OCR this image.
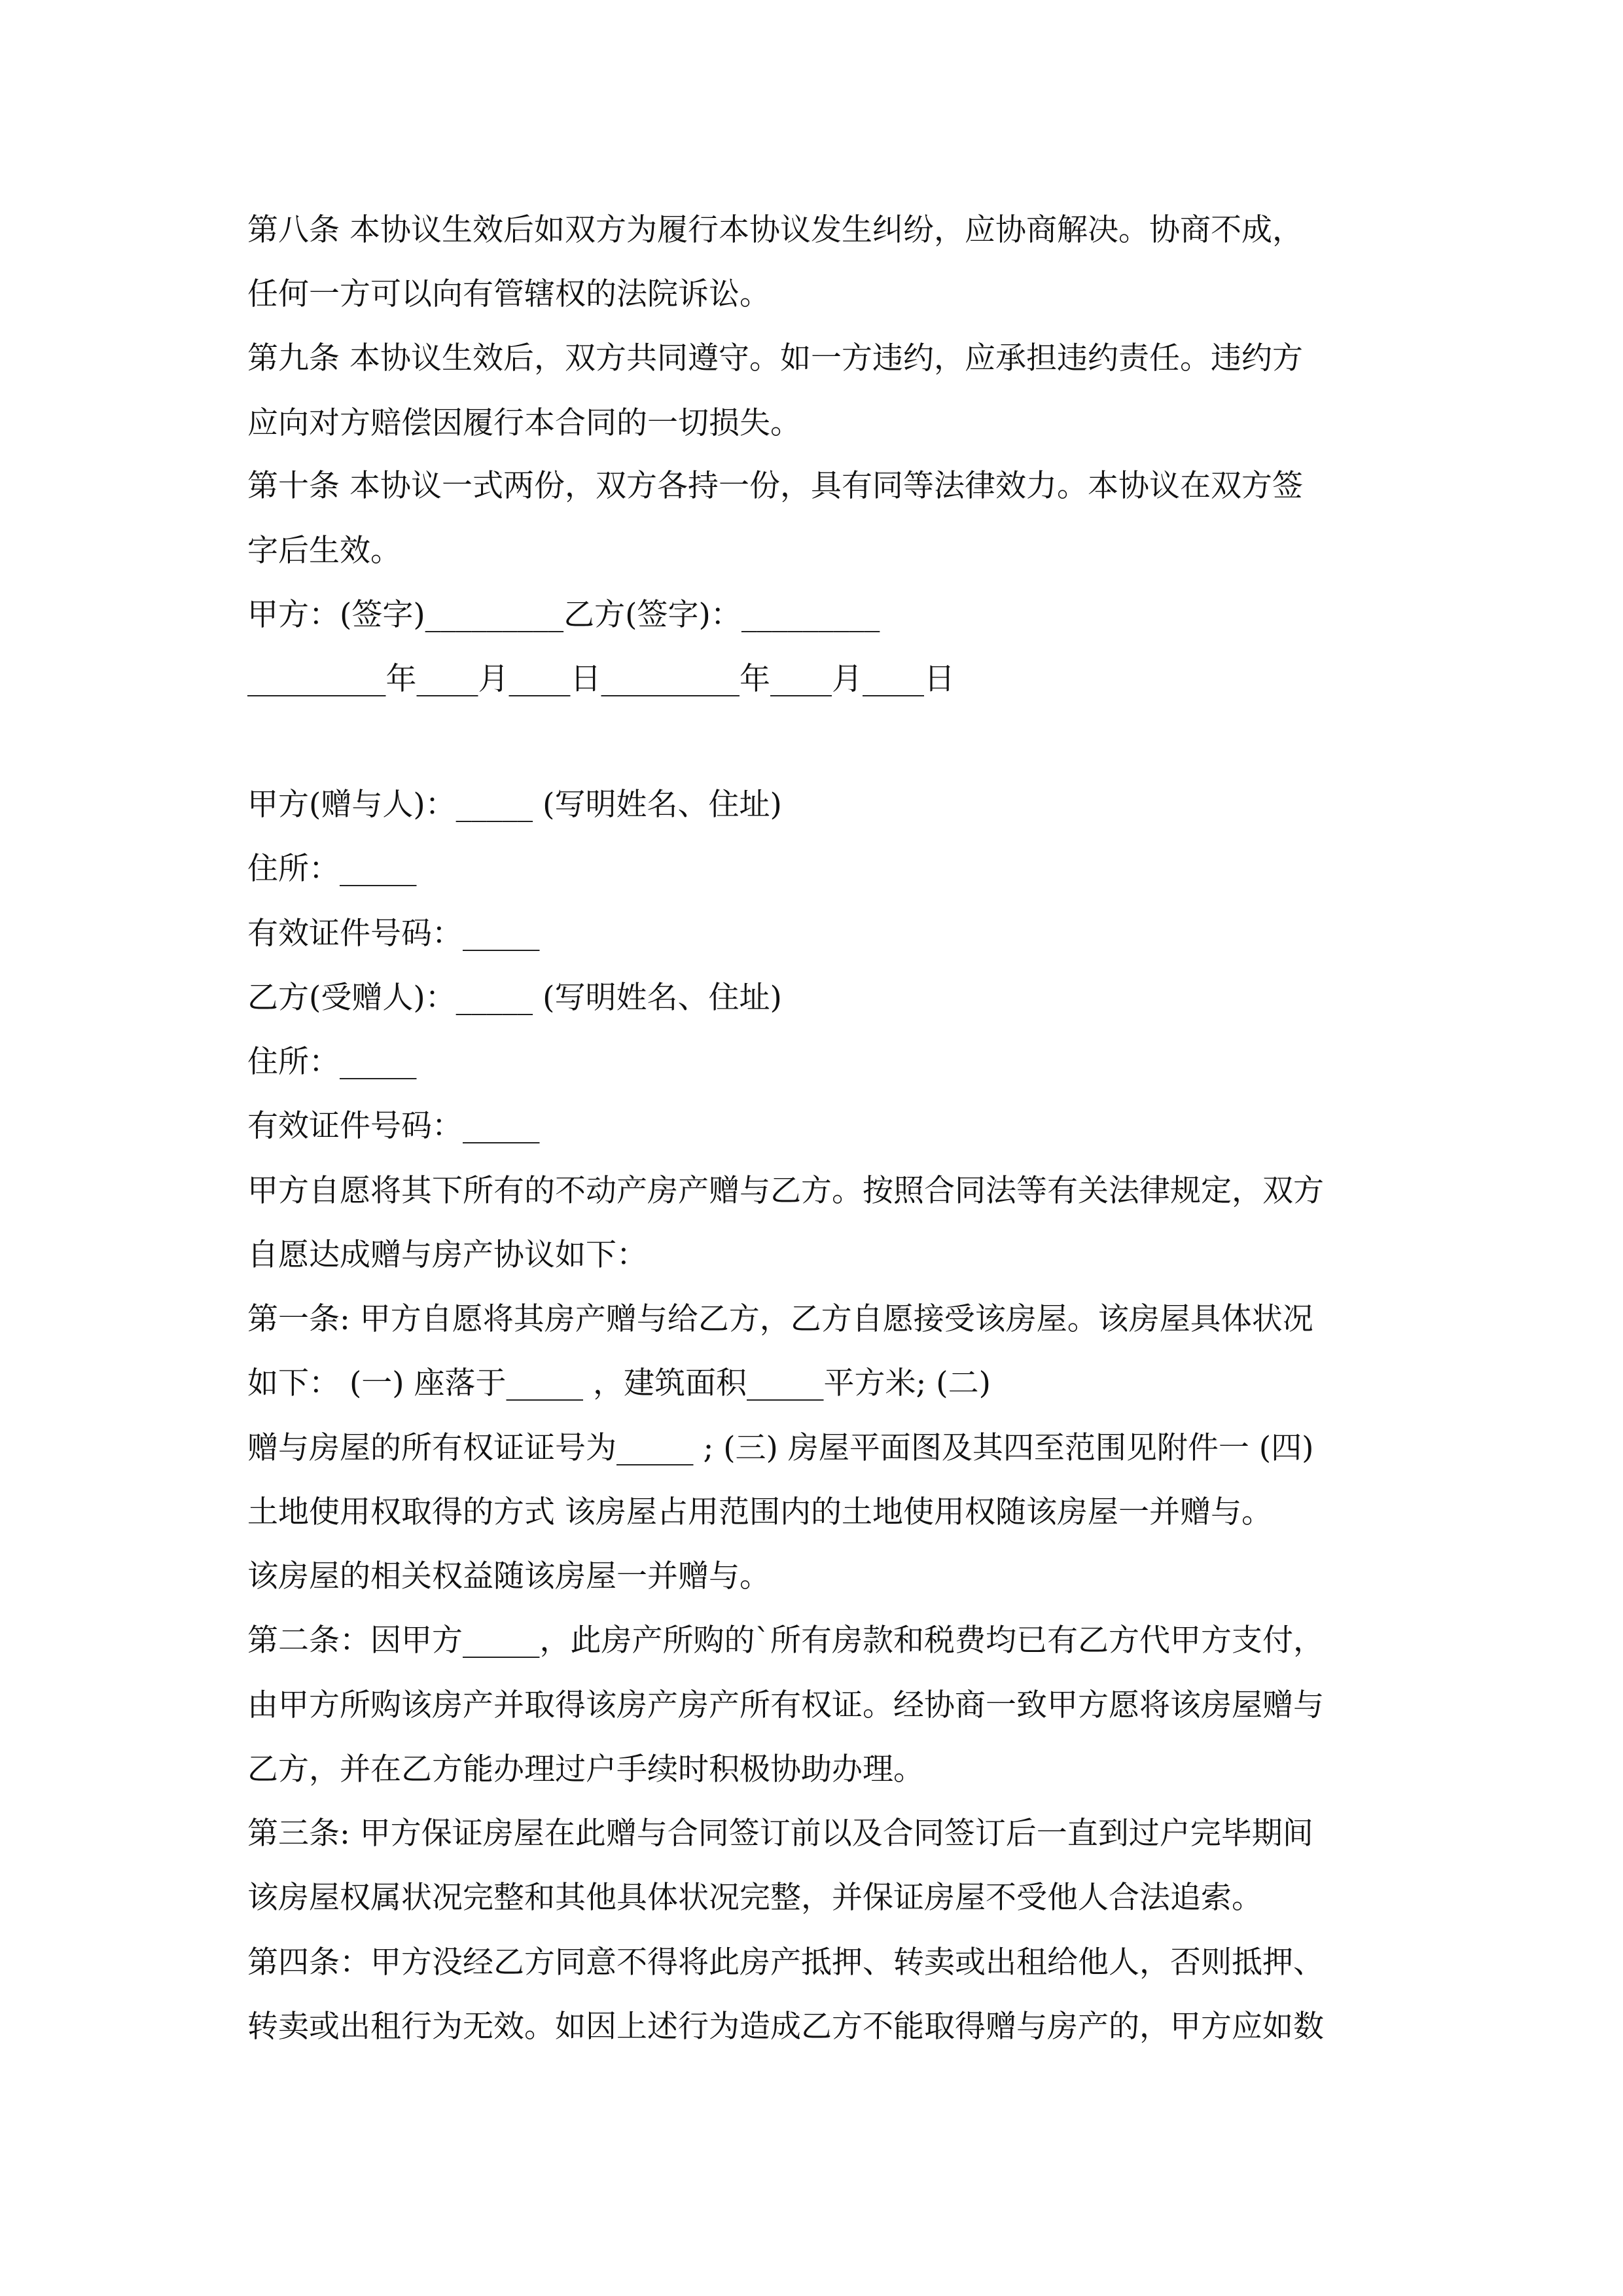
第八条 本协议生效后如双方为履行本协议发生纠纷，应协商解决。协商不成，

任何一方可以向有管辖权的法院诉讼。

第九条 本协议生效后，双方共同遵守。如一方违约，应承担违约责任。违约方

应向对方赔偿因履行本合同的一切损失。

第十条 本协议一式两份，双方各持一份，具有同等法律效力。本协议在双方签

字后生效。

甲方：(签字)_________乙方(签字)：_________

_________年____月____日_________年____月____日

甲方(赠与人)：_____ (写明姓名、住址)

住所：_____

有效证件号码：_____

乙方(受赠人)：_____ (写明姓名、住址)

住所：_____

有效证件号码：_____

甲方自愿将其下所有的不动产房产赠与乙方。按照合同法等有关法律规定，双方

自愿达成赠与房产协议如下：

第一条: 甲方自愿将其房产赠与给乙方，乙方自愿接受该房屋。该房屋具体状况

如下： (一) 座落于_____ ，建筑面积_____平方米; (二)

赠与房屋的所有权证证号为_____ ; (三) 房屋平面图及其四至范围见附件一 (四)

土地使用权取得的方式 该房屋占用范围内的土地使用权随该房屋一并赠与。

该房屋的相关权益随该房屋一并赠与。

第二条：因甲方_____，此房产所购的`所有房款和税费均已有乙方代甲方支付，

由甲方所购该房产并取得该房产房产所有权证。经协商一致甲方愿将该房屋赠与

乙方，并在乙方能办理过户手续时积极协助办理。

第三条: 甲方保证房屋在此赠与合同签订前以及合同签订后一直到过户完毕期间

该房屋权属状况完整和其他具体状况完整，并保证房屋不受他人合法追索。

第四条：甲方没经乙方同意不得将此房产抵押、转卖或出租给他人，否则抵押、

转卖或出租行为无效。如因上述行为造成乙方不能取得赠与房产的，甲方应如数
